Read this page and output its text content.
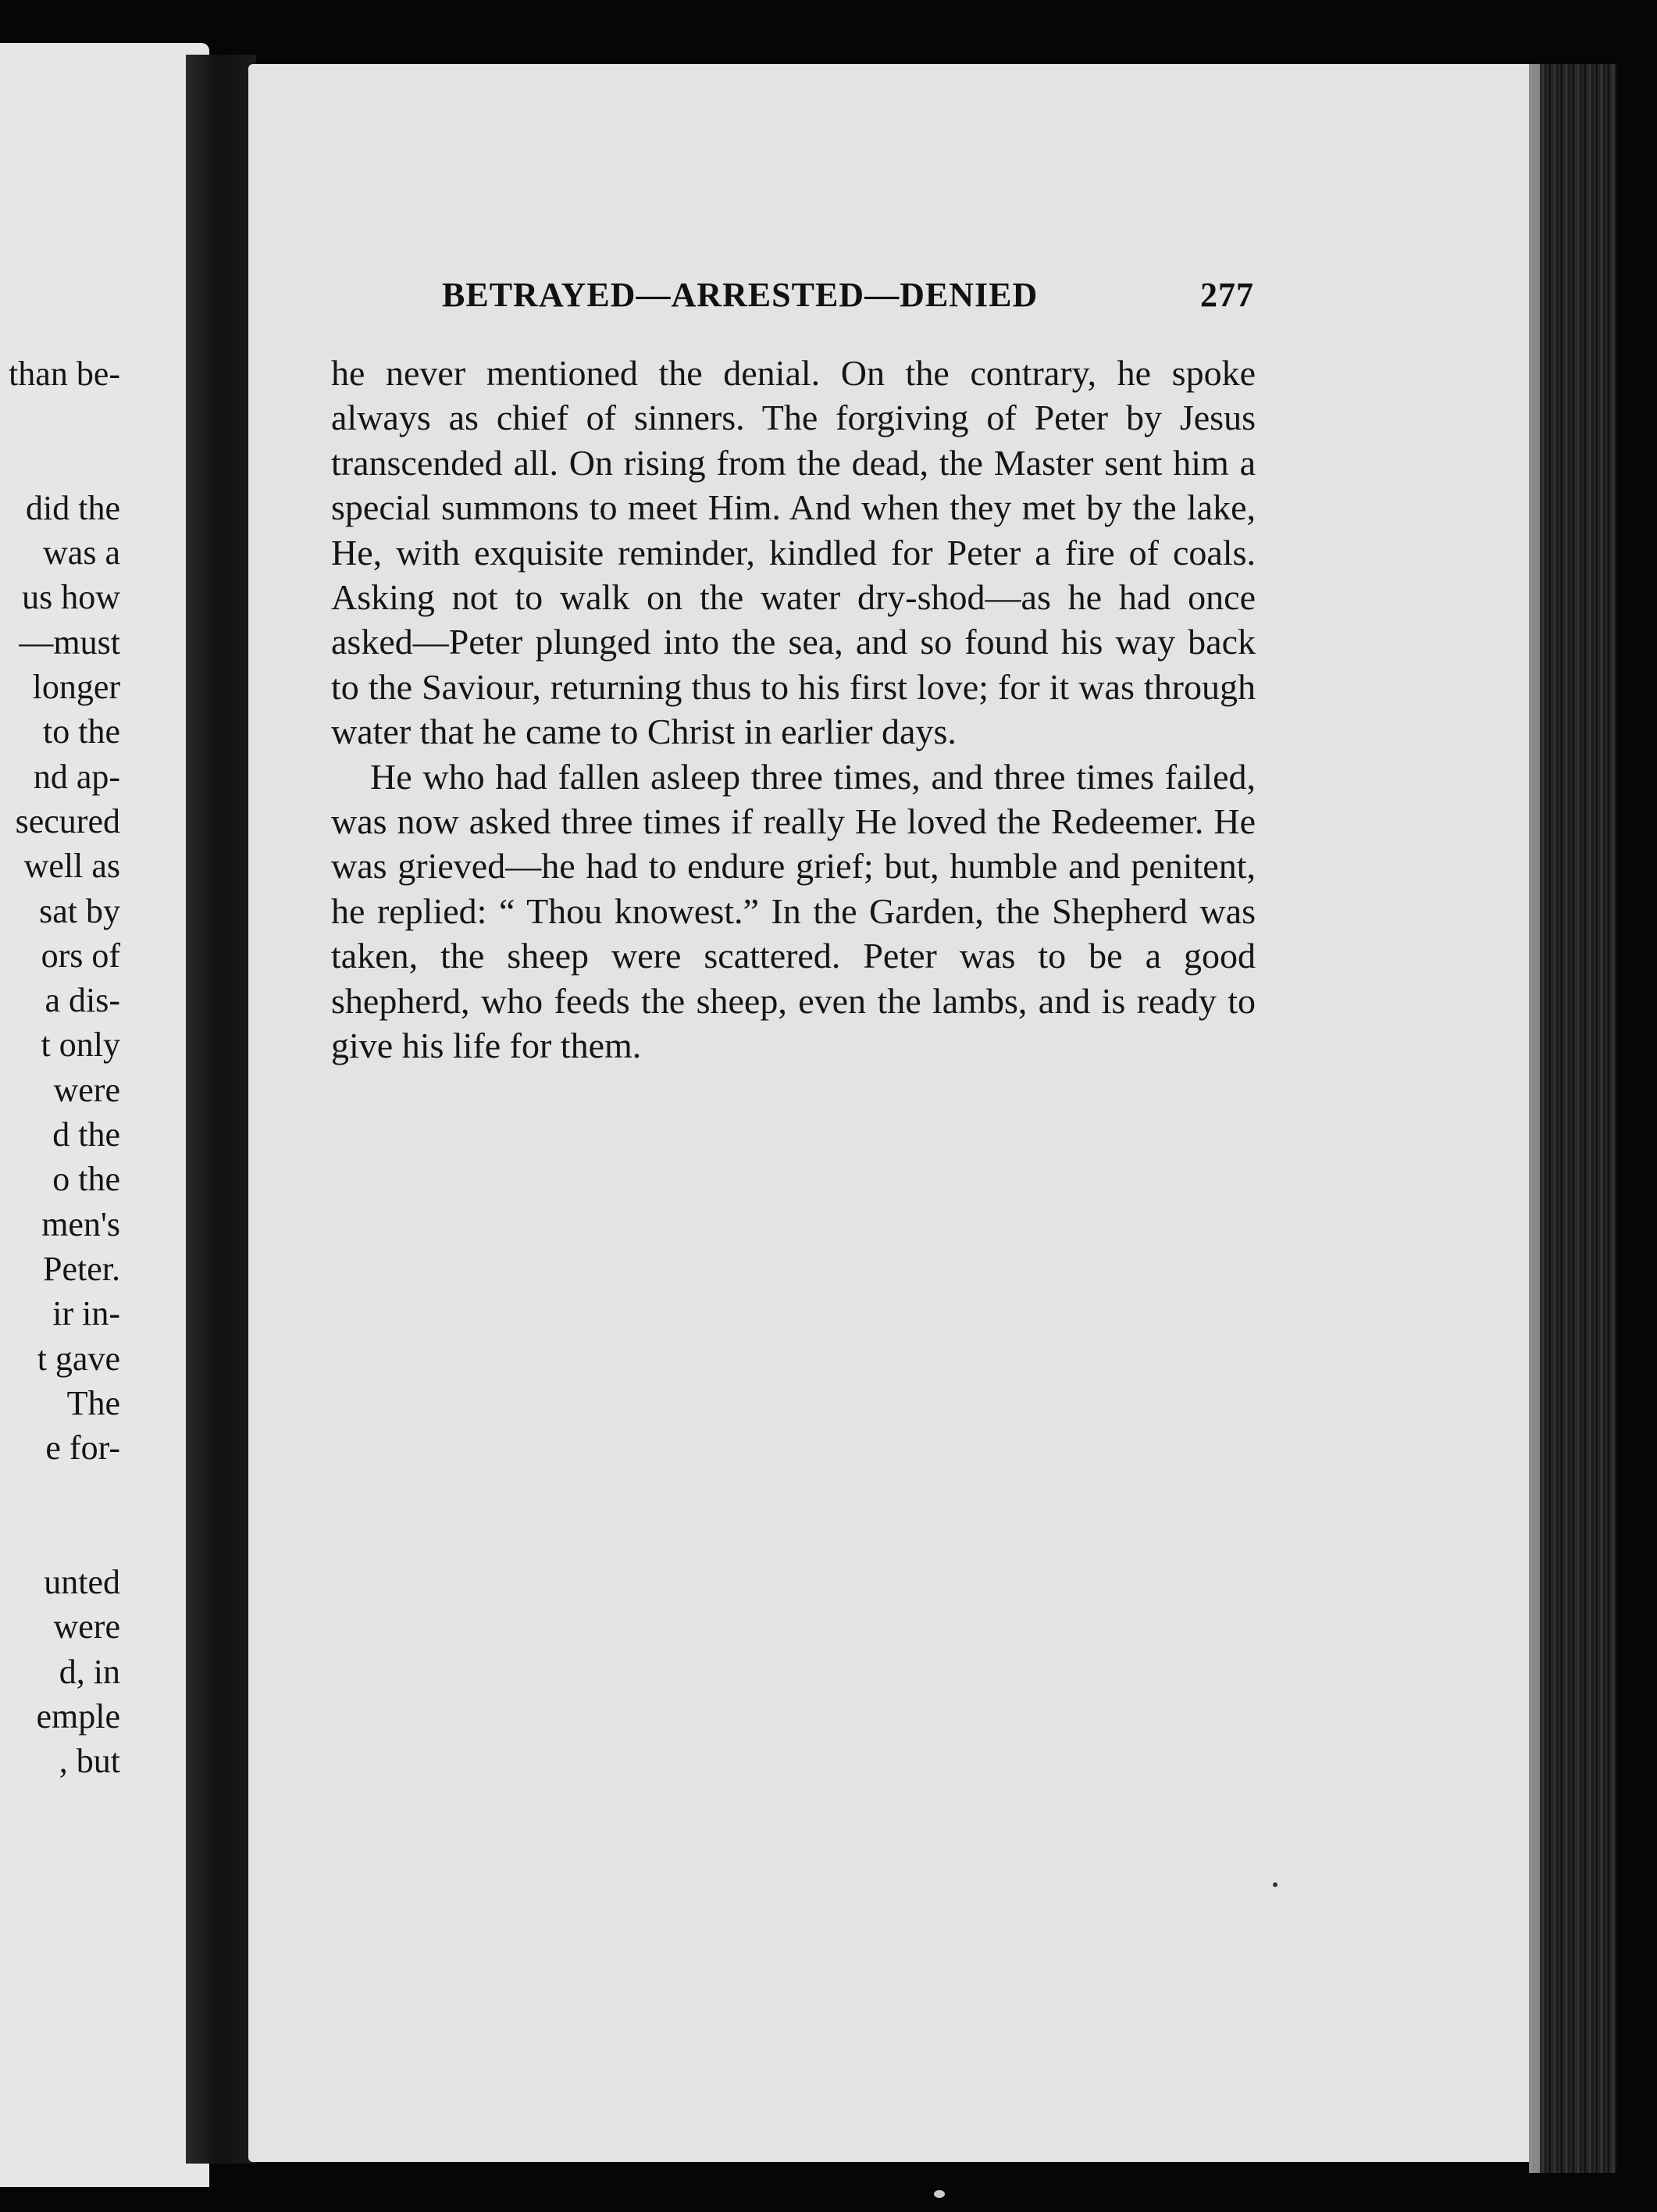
than be-
did the
was a
us how
—must
longer
to the
nd ap-
secured
well as
sat by
ors of
a dis-
t only
were
d the
o the
men's
Peter.
ir in-
t gave
The
e for-
unted
were
d, in
emple
, but
BETRAYED—ARRESTED—DENIED	277

he never mentioned the denial. On the contrary, he spoke always as chief of sinners. The forgiving of Peter by Jesus transcended all. On rising from the dead, the Master sent him a special summons to meet Him. And when they met by the lake, He, with exquisite reminder, kindled for Peter a fire of coals. Asking not to walk on the water dry-shod—as he had once asked—Peter plunged into the sea, and so found his way back to the Saviour, returning thus to his first love; for it was through water that he came to Christ in earlier days.

He who had fallen asleep three times, and three times failed, was now asked three times if really He loved the Redeemer. He was grieved—he had to endure grief; but, humble and penitent, he replied: “ Thou knowest.” In the Garden, the Shepherd was taken, the sheep were scattered. Peter was to be a good shepherd, who feeds the sheep, even the lambs, and is ready to give his life for them.
